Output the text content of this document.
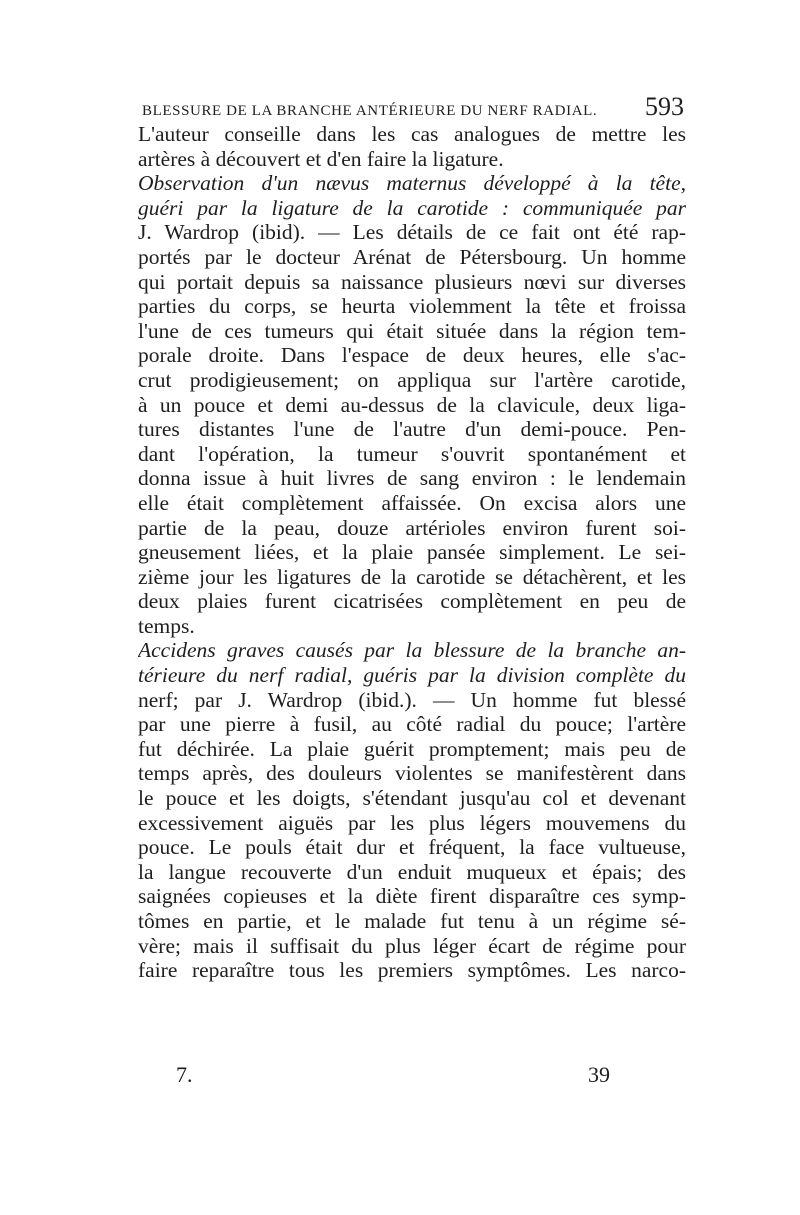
BLESSURE DE LA BRANCHE ANTÉRIEURE DU NERF RADIAL. 593
L'auteur conseille dans les cas analogues de mettre les
artères à découvert et d'en faire la ligature.
Observation d'un nævus maternus développé à la tête,
guéri par la ligature de la carotide : communiquée par
J. Wardrop (ibid). — Les détails de ce fait ont été rap-
portés par le docteur Arénat de Pétersbourg. Un homme
qui portait depuis sa naissance plusieurs nœvi sur diverses
parties du corps, se heurta violemment la tête et froissa
l'une de ces tumeurs qui était située dans la région tem-
porale droite. Dans l'espace de deux heures, elle s'ac-
crut prodigieusement; on appliqua sur l'artère carotide,
à un pouce et demi au-dessus de la clavicule, deux liga-
tures distantes l'une de l'autre d'un demi-pouce. Pen-
dant l'opération, la tumeur s'ouvrit spontanément et
donna issue à huit livres de sang environ : le lendemain
elle était complètement affaissée. On excisa alors une
partie de la peau, douze artérioles environ furent soi-
gneusement liées, et la plaie pansée simplement. Le sei-
zième jour les ligatures de la carotide se détachèrent, et les
deux plaies furent cicatrisées complètement en peu de
temps.
Accidens graves causés par la blessure de la branche an-
térieure du nerf radial, guéris par la division complète du
nerf; par J. Wardrop (ibid.). — Un homme fut blessé
par une pierre à fusil, au côté radial du pouce; l'artère
fut déchirée. La plaie guérit promptement; mais peu de
temps après, des douleurs violentes se manifestèrent dans
le pouce et les doigts, s'étendant jusqu'au col et devenant
excessivement aiguës par les plus légers mouvemens du
pouce. Le pouls était dur et fréquent, la face vultueuse,
la langue recouverte d'un enduit muqueux et épais; des
saignées copieuses et la diète firent disparaître ces symp-
tômes en partie, et le malade fut tenu à un régime sé-
vère; mais il suffisait du plus léger écart de régime pour
faire reparaître tous les premiers symptômes. Les narco-
7.	39
